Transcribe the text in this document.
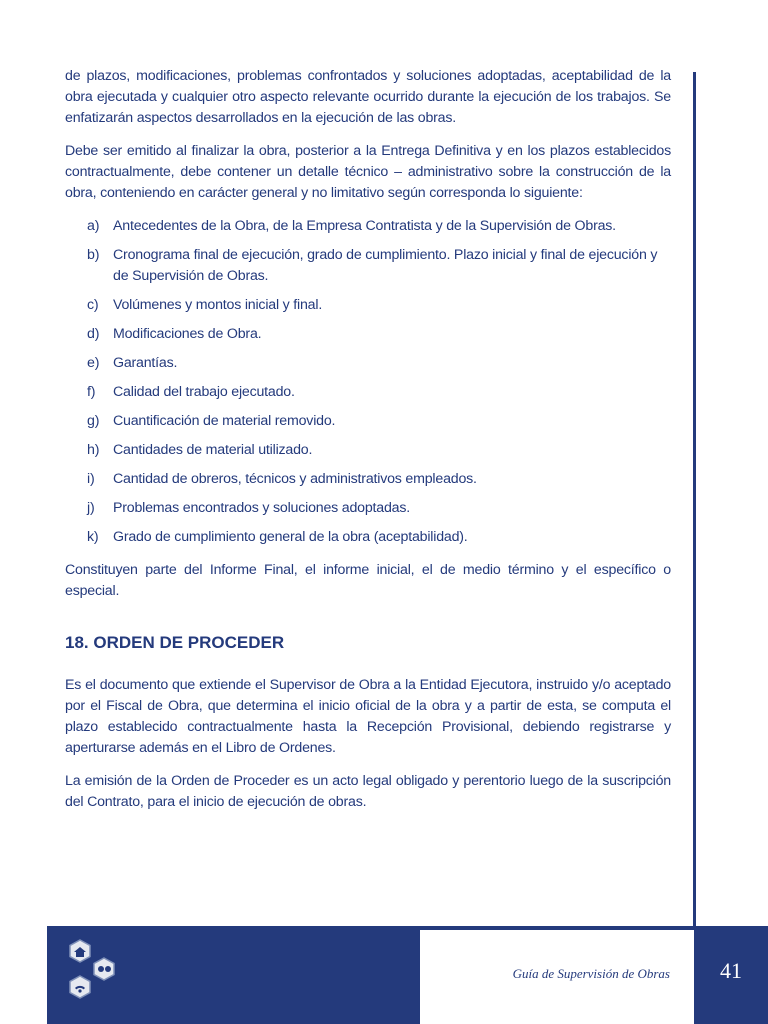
de plazos, modificaciones, problemas confrontados y soluciones adoptadas, aceptabilidad de la obra ejecutada y cualquier otro aspecto relevante ocurrido durante la ejecución de los trabajos. Se enfatizarán aspectos desarrollados en la ejecución de las obras.

Debe ser emitido al finalizar la obra, posterior a la Entrega Definitiva y en los plazos establecidos contractualmente, debe contener un detalle técnico – administrativo sobre la construcción de la obra, conteniendo en carácter general y no limitativo según corresponda lo siguiente:

a) Antecedentes de la Obra, de la Empresa Contratista y de la Supervisión de Obras.
b) Cronograma final de ejecución, grado de cumplimiento. Plazo inicial y final de ejecución y de Supervisión de Obras.
c)	Volúmenes y montos inicial y final.
d) Modificaciones de Obra.
e) Garantías.
f)	Calidad del trabajo ejecutado.
g) Cuantificación de material removido.
h) Cantidades de material utilizado.
i)	Cantidad de obreros, técnicos y administrativos empleados.
j)	Problemas encontrados y soluciones adoptadas.
k)	Grado de cumplimiento general de la obra (aceptabilidad).

Constituyen parte del Informe Final, el informe inicial, el de medio término y el específico o especial.

18. ORDEN DE PROCEDER

Es el documento que extiende el Supervisor de Obra a la Entidad Ejecutora, instruido y/o aceptado por el Fiscal de Obra, que determina el inicio oficial de la obra y a partir de esta, se computa el plazo establecido contractualmente hasta la Recepción Provisional, debiendo registrarse y aperturarse además en el Libro de Ordenes.

La emisión de la Orden de Proceder es un acto legal obligado y perentorio luego de la suscripción del Contrato, para el inicio de ejecución de obras.

Guía de Supervisión de Obras	41
